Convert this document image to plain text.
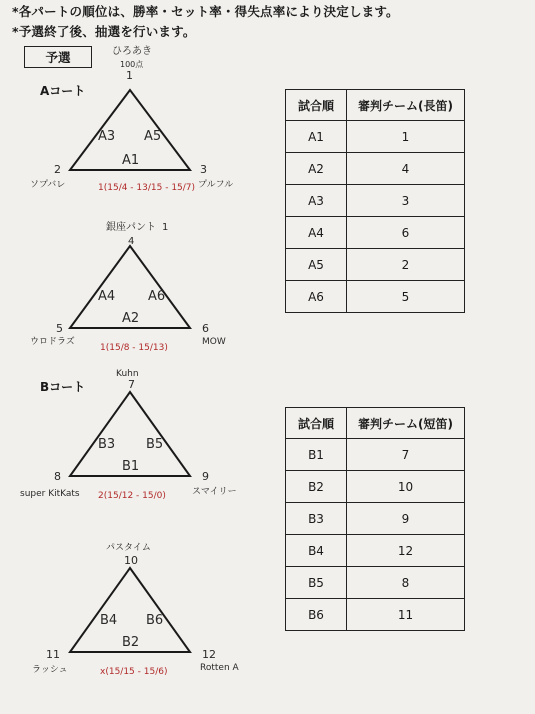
*各パートの順位は、勝率・セット率・得失点率により決定します。
*予選終了後、抽選を行います。
予選
Aコート
ひろあき
100点
1
2
ソプバレ
3
プルフル
A3 A5
A1
1(15/4 - 13/15 - 15/7)
銀座パント 1
4
5
ウロドラズ
6
MOW
A4	A6
A2
1(15/8 - 15/13)
Bコート
Kuhn
7
8
super KitKats
9
スマイリー
B3 B5
B1
2(15/12 - 15/0)
パスタイム
10
11
ラッシュ
12
Rotten A
B4 B6
B2
x(15/15 - 15/6)
試合順	審判チーム(長笛)
A1	1
A2	4
A3	3
A4	6
A5	2
A6	5
試合順	審判チーム(短笛)
B1	7
B2	10
B3	9
B4	12
B5	8
B6	11
